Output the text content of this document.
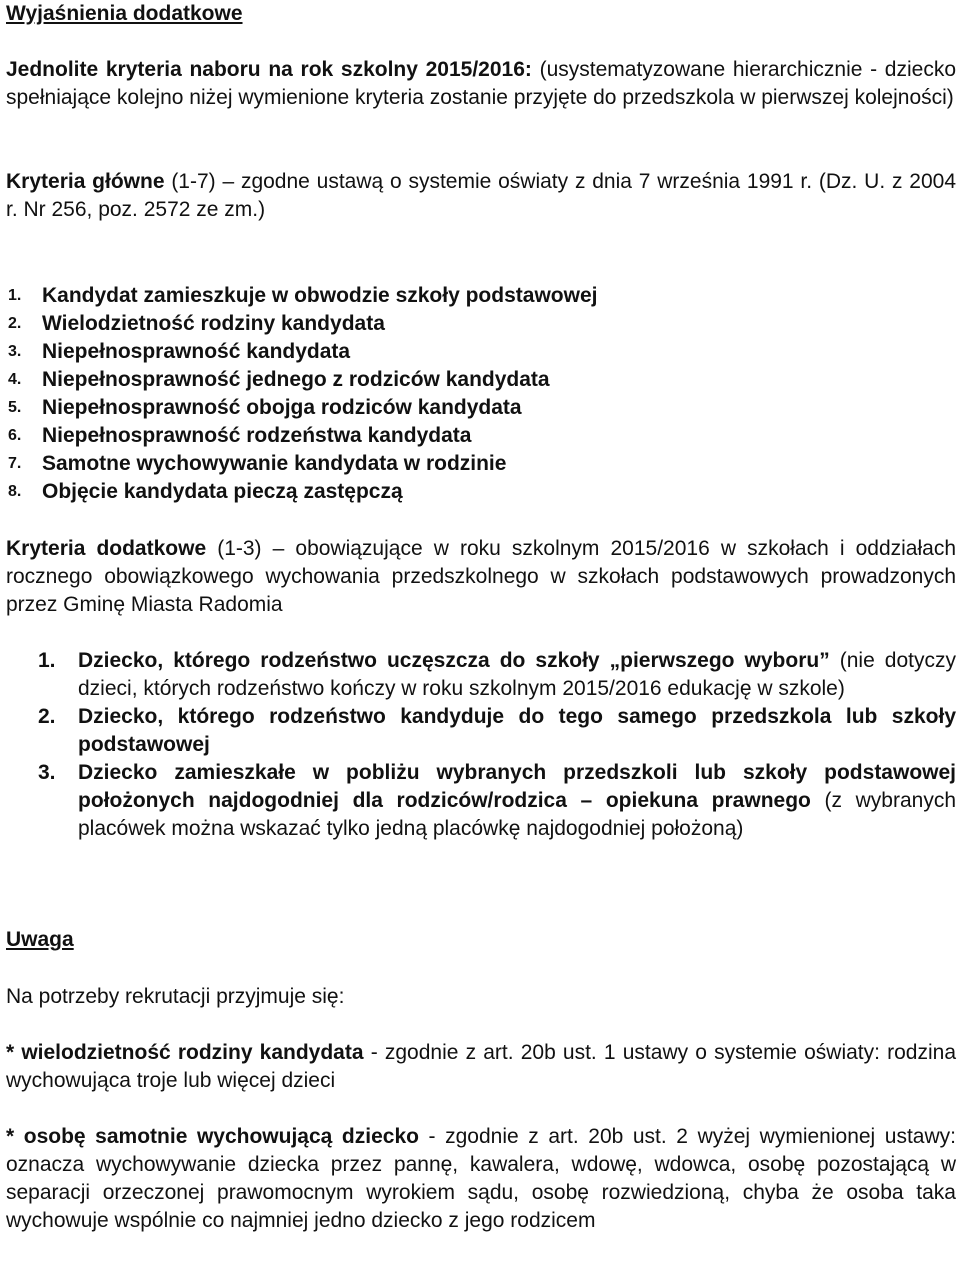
Wyjaśnienia dodatkowe
Jednolite kryteria naboru na rok szkolny 2015/2016: (usystematyzowane hierarchicznie - dziecko spełniające kolejno niżej wymienione kryteria zostanie przyjęte do przedszkola w pierwszej kolejności)
Kryteria główne (1-7) – zgodne ustawą o systemie oświaty z dnia 7 września 1991 r. (Dz. U. z 2004 r. Nr 256, poz. 2572 ze zm.)
1. Kandydat zamieszkuje w obwodzie szkoły podstawowej
2. Wielodzietność rodziny kandydata
3. Niepełnosprawność kandydata
4. Niepełnosprawność jednego z rodziców kandydata
5. Niepełnosprawność obojga rodziców kandydata
6. Niepełnosprawność rodzeństwa kandydata
7. Samotne wychowywanie kandydata w rodzinie
8. Objęcie kandydata pieczą zastępczą
Kryteria dodatkowe (1-3) – obowiązujące w roku szkolnym 2015/2016 w szkołach i oddziałach rocznego obowiązkowego wychowania przedszkolnego w szkołach podstawowych prowadzonych przez Gminę Miasta Radomia
1.	Dziecko, którego rodzeństwo uczęszcza do szkoły „pierwszego wyboru” (nie dotyczy dzieci, których rodzeństwo kończy w roku szkolnym 2015/2016 edukację w szkole)
2.	Dziecko, którego rodzeństwo kandyduje do tego samego przedszkola lub szkoły podstawowej
3.	Dziecko zamieszkałe w pobliżu wybranych przedszkoli lub szkoły podstawowej położonych najdogodniej dla rodziców/rodzica – opiekuna prawnego (z wybranych placówek można wskazać tylko jedną placówkę najdogodniej położoną)
Uwaga
Na potrzeby rekrutacji przyjmuje się:
* wielodzietność rodziny kandydata - zgodnie z art. 20b ust. 1 ustawy o systemie oświaty: rodzina wychowująca troje lub więcej dzieci
* osobę samotnie wychowującą dziecko - zgodnie z art. 20b ust. 2 wyżej wymienionej ustawy: oznacza wychowywanie dziecka przez pannę, kawalera, wdowę, wdowca, osobę pozostającą w separacji orzeczonej prawomocnym wyrokiem sądu, osobę rozwiedzioną, chyba że osoba taka wychowuje wspólnie co najmniej jedno dziecko z jego rodzicem
